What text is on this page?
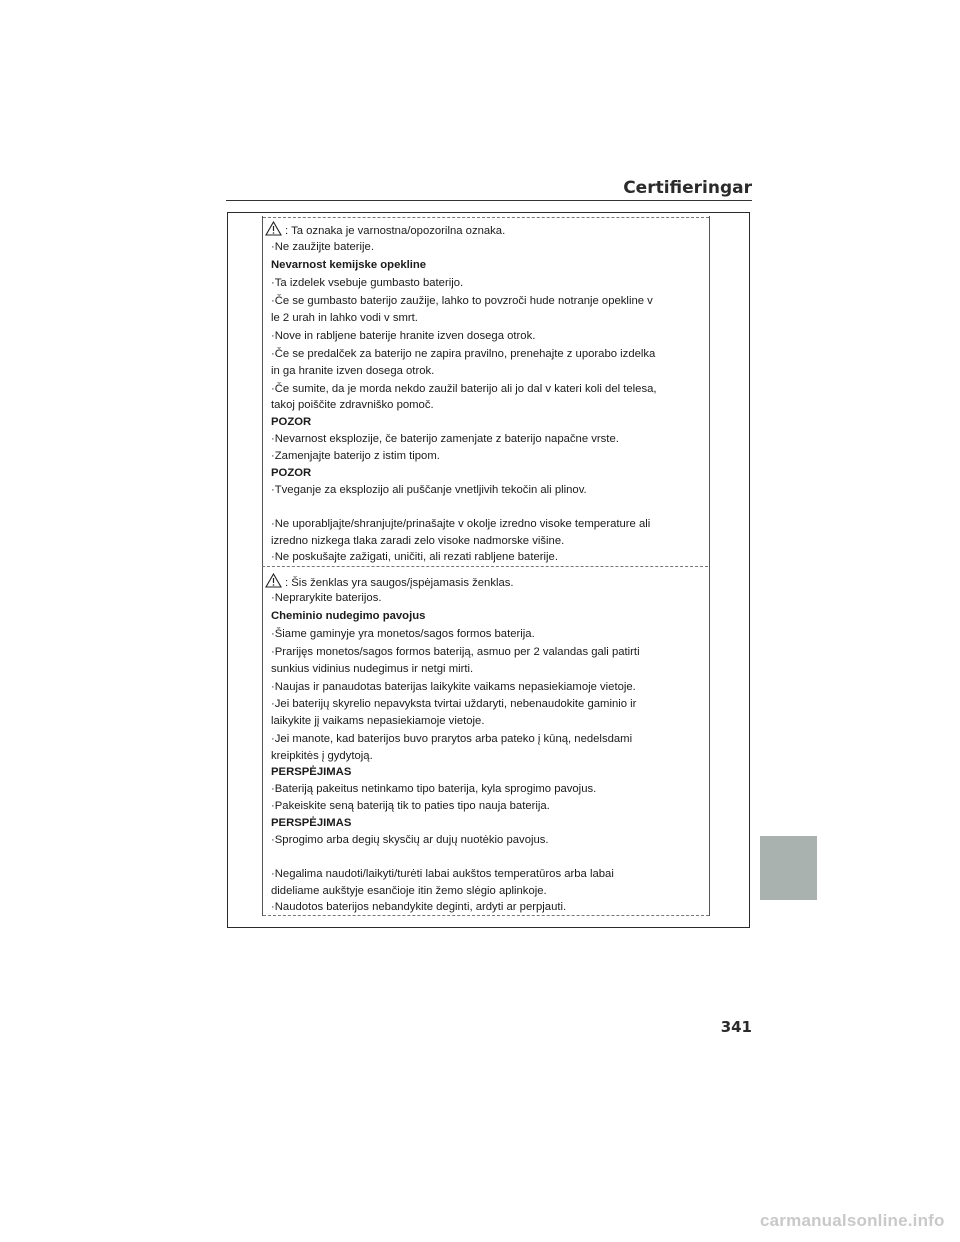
Certifieringar
: Ta oznaka je varnostna/opozorilna oznaka.
·Ne zaužijte baterije.
Nevarnost kemijske opekline
·Ta izdelek vsebuje gumbasto baterijo.
·Če se gumbasto baterijo zaužije, lahko to povzroči hude notranje opekline v
le 2 urah in lahko vodi v smrt.
·Nove in rabljene baterije hranite izven dosega otrok.
·Če se predalček za baterijo ne zapira pravilno, prenehajte z uporabo izdelka
in ga hranite izven dosega otrok.
·Če sumite, da je morda nekdo zaužil baterijo ali jo dal v kateri koli del telesa,
takoj poiščite zdravniško pomoč.
POZOR
·Nevarnost eksplozije, če baterijo zamenjate z baterijo napačne vrste.
·Zamenjajte baterijo z istim tipom.
POZOR
·Tveganje za eksplozijo ali puščanje vnetljivih tekočin ali plinov.
·Ne uporabljajte/shranjujte/prinašajte v okolje izredno visoke temperature ali
izredno nizkega tlaka zaradi zelo visoke nadmorske višine.
·Ne poskušajte zažigati, uničiti, ali rezati rabljene baterije.
: Šis ženklas yra saugos/įspėjamasis ženklas.
·Neprarykite baterijos.
Cheminio nudegimo pavojus
·Šiame gaminyje yra monetos/sagos formos baterija.
·Prarijęs monetos/sagos formos bateriją, asmuo per 2 valandas gali patirti
sunkius vidinius nudegimus ir netgi mirti.
·Naujas ir panaudotas baterijas laikykite vaikams nepasiekiamoje vietoje.
·Jei baterijų skyrelio nepavyksta tvirtai uždaryti, nebenaudokite gaminio ir
laikykite jį vaikams nepasiekiamoje vietoje.
·Jei manote, kad baterijos buvo prarytos arba pateko į kūną, nedelsdami
kreipkitės į gydytoją.
PERSPĖJIMAS
·Bateriją pakeitus netinkamo tipo baterija, kyla sprogimo pavojus.
·Pakeiskite seną bateriją tik to paties tipo nauja baterija.
PERSPĖJIMAS
·Sprogimo arba degių skysčių ar dujų nuotėkio pavojus.
·Negalima naudoti/laikyti/turėti labai aukštos temperatūros arba labai
dideliame aukštyje esančioje itin žemo slėgio aplinkoje.
·Naudotos baterijos nebandykite deginti, ardyti ar perpjauti.
341
carmanualsonline.info
